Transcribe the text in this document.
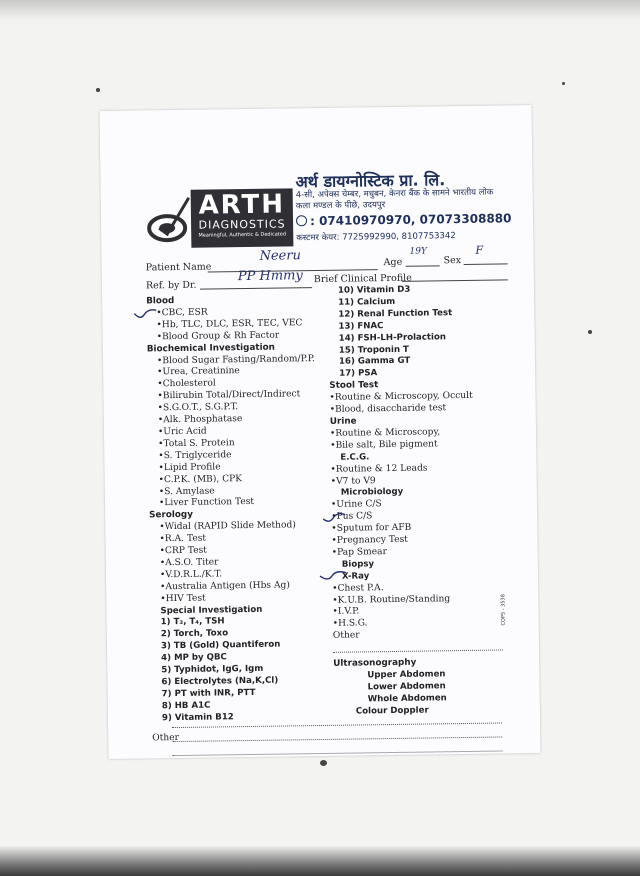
ARTH
DIAGNOSTICS
Meaningful, Authentic & Dedicated
अर्थ डायग्नोस्टिक प्रा. लि.
4-सी, अपेक्स चेम्बर, मधुबन, केनरा बैंक के सामने भारतीय लोक कला मण्डल के पीछे, उदयपुर
: 07410970970, 07073308880
कस्टमर केयर: 7725992990, 8107753342
Patient Name
Neeru	Age
19Y
Sex
F
Ref. by Dr.
PP Hmmy Brief Clinical Profile
Blood
• CBC, ESR
• Hb, TLC, DLC, ESR, TEC, VEC
• Blood Group & Rh Factor
Biochemical Investigation
• Blood Sugar Fasting/Random/P.P.
• Urea, Creatinine
• Cholesterol
• Bilirubin Total/Direct/Indirect
• S.G.O.T., S.G.P.T.
• Alk. Phosphatase
• Uric Acid
• Total S. Protein
• S. Triglyceride
• Lipid Profile
• C.P.K. (MB), CPK
• S. Amylase
• Liver Function Test
Serology
• Widal (RAPID Slide Method)
• R.A. Test
• CRP Test
• A.S.O. Titer
• V.D.R.L./K.T.
• Australia Antigen (Hbs Ag)
• HIV Test
Special Investigation
1) T₃, T₄, TSH
2) Torch, Toxo
3) TB (Gold) Quantiferon
4) MP by QBC
5) Typhidot, IgG, Igm
6) Electrolytes (Na,K,Cl)
7) PT with INR, PTT
8) HB A1C
9) Vitamin B12
Other
10) Vitamin D3
11) Calcium
12) Renal Function Test
13) FNAC
14) FSH-LH-Prolaction
15) Troponin T
16) Gamma GT
17) PSA
Stool Test
• Routine & Microscopy, Occult
• Blood, disaccharide test
Urine
• Routine & Microscopy,
• Bile salt, Bile pigment
E.C.G.
• Routine & 12 Leads
• V7 to V9
Microbiology
• Urine C/S
• Pus C/S
• Sputum for AFB
• Pregnancy Test
• Pap Smear
Biopsy
X-Ray
• Chest P.A.
• K.U.B. Routine/Standing
• I.V.P.
• H.S.G.
Other
Ultrasonography
Upper Abdomen
Lower Abdomen
Whole Abdomen
Colour Doppler
COPS - 3538
